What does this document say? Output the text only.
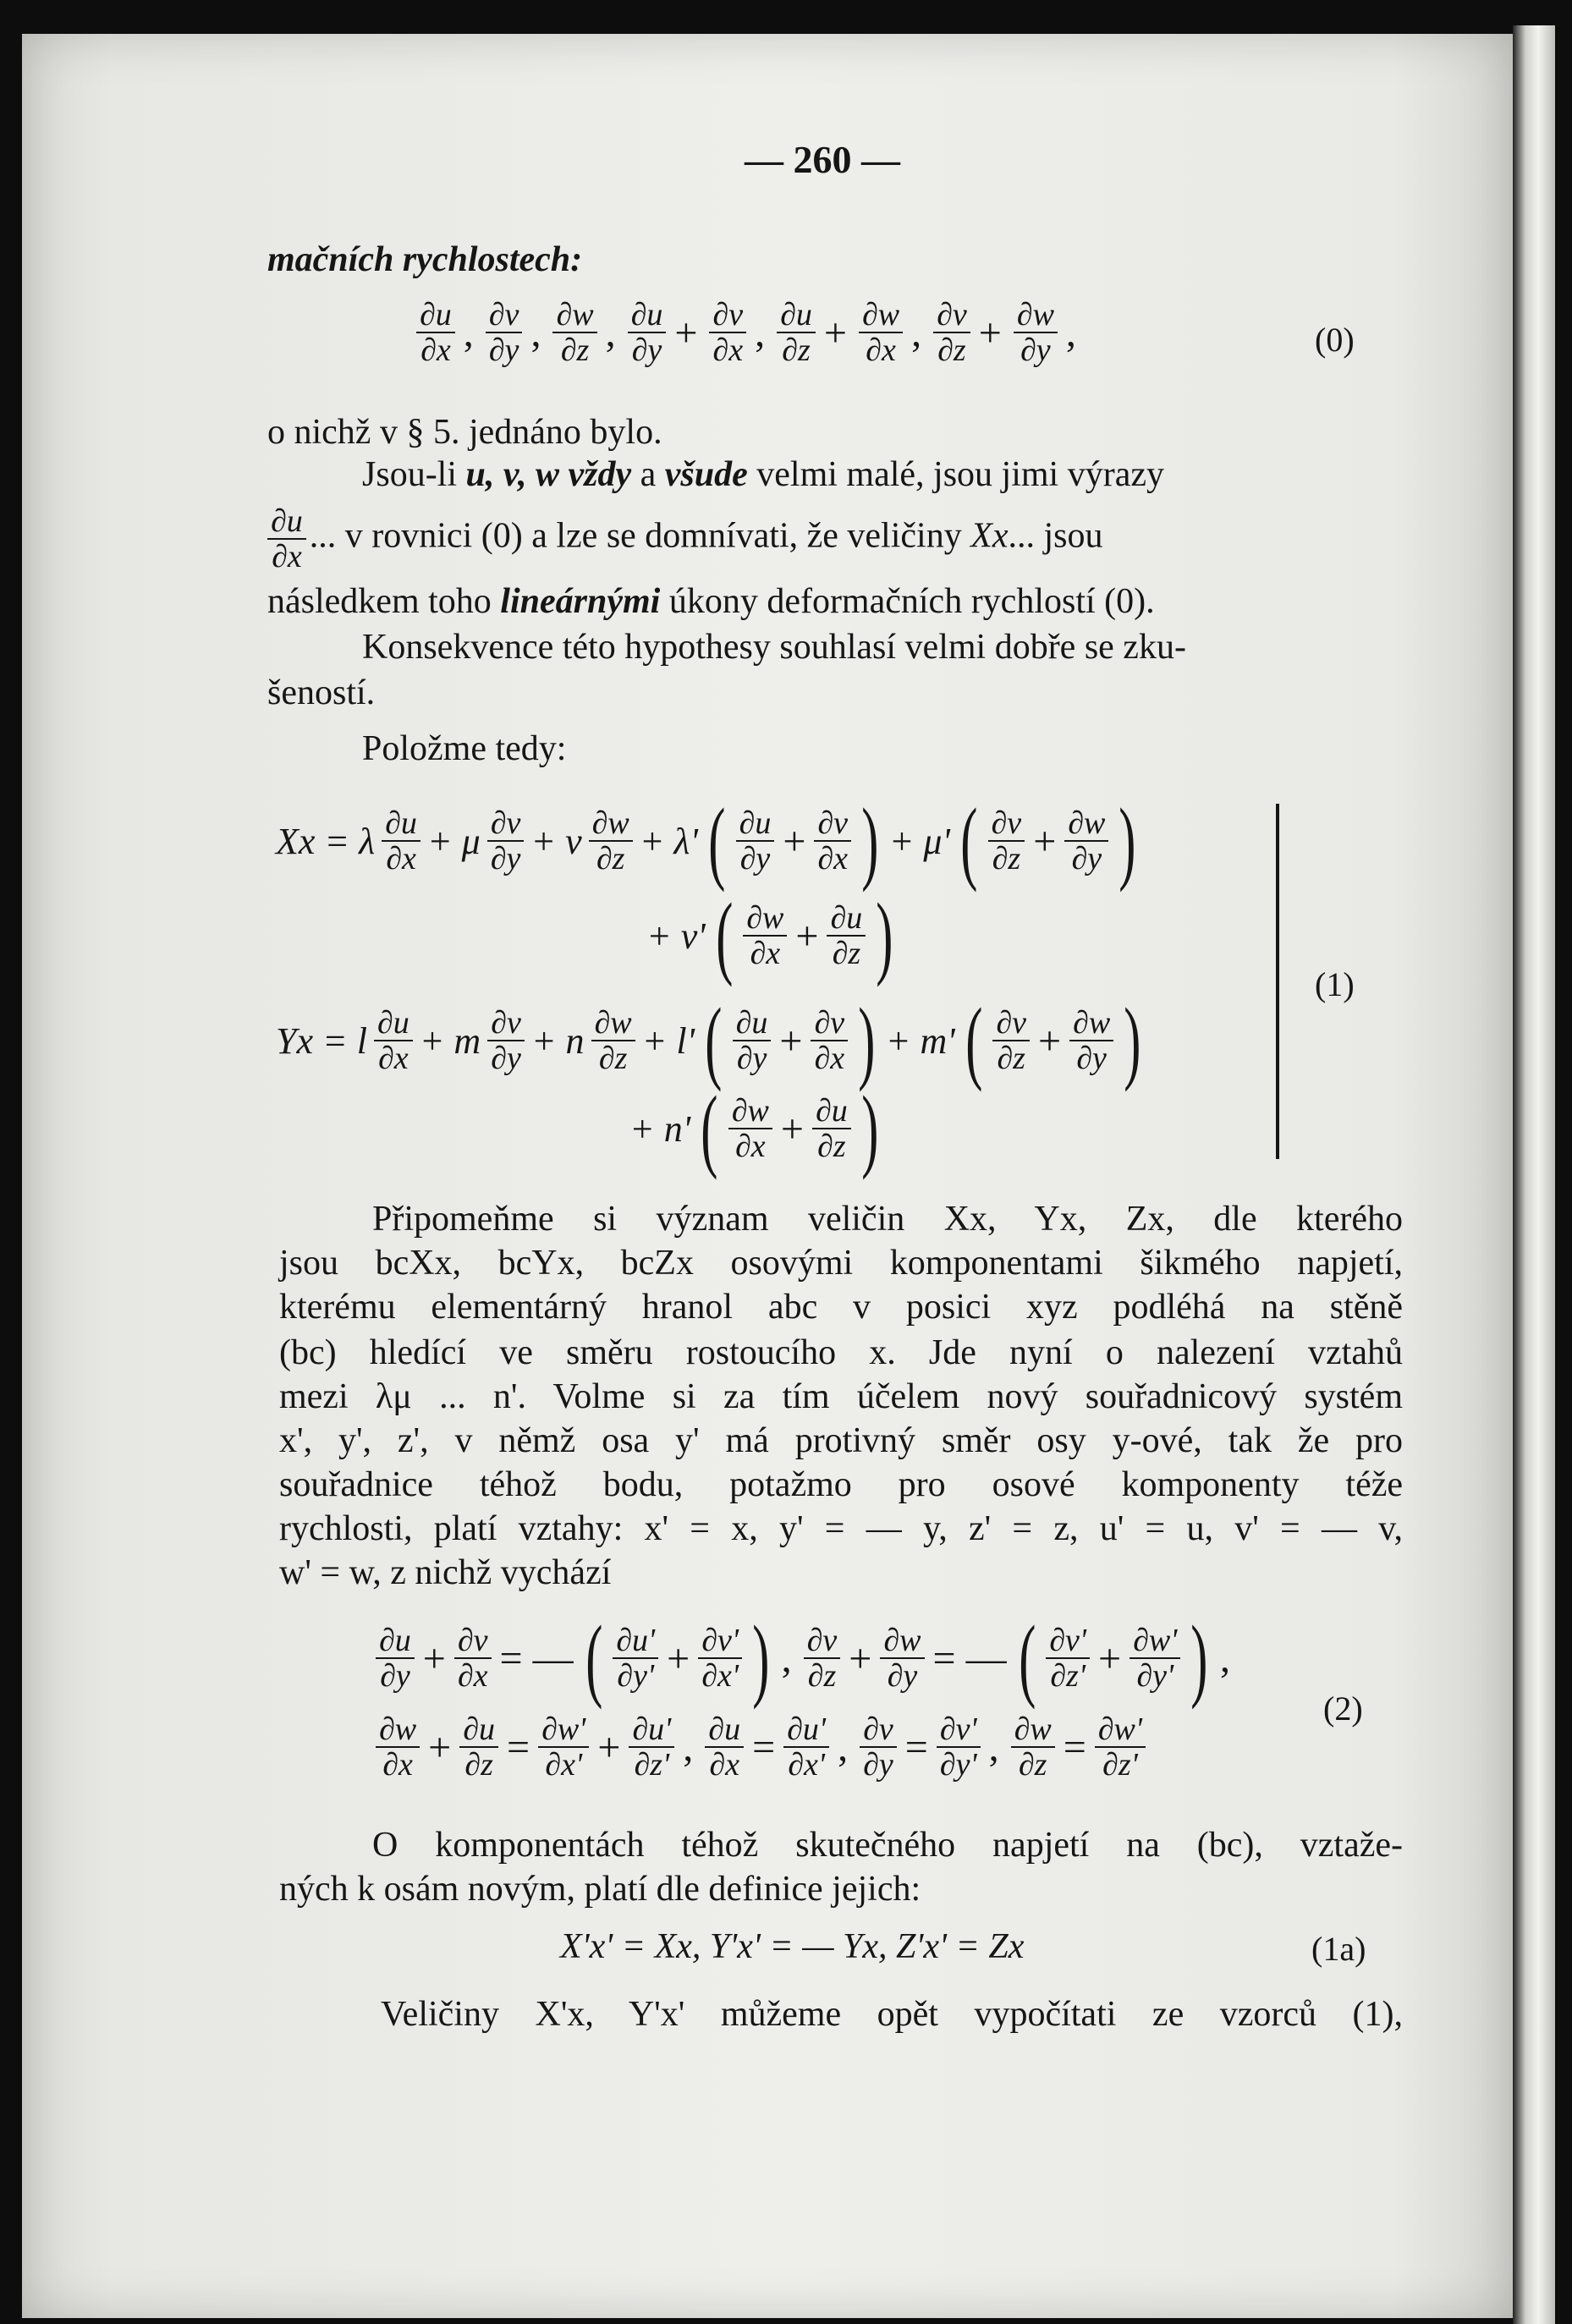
— 260 —
mačních rychlostech:
$\frac{\partial u}{\partial x}$ , $\frac{\partial v}{\partial y}$ , $\frac{\partial w}{\partial z}$ , $\frac{\partial u}{\partial y} + \frac{\partial v}{\partial x}$ , $\frac{\partial u}{\partial z} + \frac{\partial w}{\partial x}$ , $\frac{\partial v}{\partial z} + \frac{\partial w}{\partial y}$ ,	(0)
o nichž v § 5. jednáno bylo.
Jsou-li u, v, w vždy a všude velmi malé, jsou jimi výrazy
$\frac{\partial u}{\partial x}$ ... v rovnici (0) a lze se domnívati, že veličiny Xx... jsou
následkem toho lineárnými úkony deformačních rychlostí (0).
Konsekvence této hypothesy souhlasí velmi dobře se zku-
šeností.
Položme tedy:
Xx = λ $\frac{\partial u}{\partial x} + \mu \frac{\partial v}{\partial y} + \nu \frac{\partial w}{\partial z} + \lambda'$ ( $\frac{\partial u}{\partial y} + \frac{\partial v}{\partial x}$ ) + μ' ( $\frac{\partial v}{\partial z} + \frac{\partial w}{\partial y}$ )
+ ν' ( $\frac{\partial w}{\partial x} + \frac{\partial u}{\partial z}$ )
Yx = l $\frac{\partial u}{\partial x} + m \frac{\partial v}{\partial y} + n \frac{\partial w}{\partial z} + l'$ ( $\frac{\partial u}{\partial y} + \frac{\partial v}{\partial x}$ ) + m' ( $\frac{\partial v}{\partial z} + \frac{\partial w}{\partial y}$ )
+ n' ( $\frac{\partial w}{\partial x} + \frac{\partial u}{\partial z}$ )
(1)
Připomeňme si význam veličin Xx, Yx, Zx, dle kterého
jsou bcXx, bcYx, bcZx osovými komponentami šikmého napjetí,
kterému elementárný hranol abc v posici xyz podléhá na stěně
(bc) hledící ve směru rostoucího x. Jde nyní o nalezení vztahů
mezi λμ ... n'. Volme si za tím účelem nový souřadnicový systém
x', y', z', v němž osa y' má protivný směr osy y-ové, tak že pro
souřadnice téhož bodu, potažmo pro osové komponenty téže
rychlosti, platí vztahy: x' = x, y' = — y, z' = z, u' = u, v' = — v,
w' = w, z nichž vychází
$\frac{\partial u}{\partial y} + \frac{\partial v}{\partial x}$ = — ( $\frac{\partial u'}{\partial y'} + \frac{\partial v'}{\partial x'}$ ) , $\frac{\partial v}{\partial z} + \frac{\partial w}{\partial y}$ = — ( $\frac{\partial v'}{\partial z'} + \frac{\partial w'}{\partial y'}$ ) ,
$\frac{\partial w}{\partial x} + \frac{\partial u}{\partial z} = \frac{\partial w'}{\partial x'} + \frac{\partial u'}{\partial z'}$ , $\frac{\partial u}{\partial x} = \frac{\partial u'}{\partial x'}$ , $\frac{\partial v}{\partial y} = \frac{\partial v'}{\partial y'}$ , $\frac{\partial w}{\partial z} = \frac{\partial w'}{\partial z'}$
(2)
O komponentách téhož skutečného napjetí na (bc), vztaže-
ných k osám novým, platí dle definice jejich:
X'x' = Xx, Y'x' = — Yx, Z'x' = Zx	(1a)
Veličiny X'x, Y'x' můžeme opět vypočítati ze vzorců (1),
